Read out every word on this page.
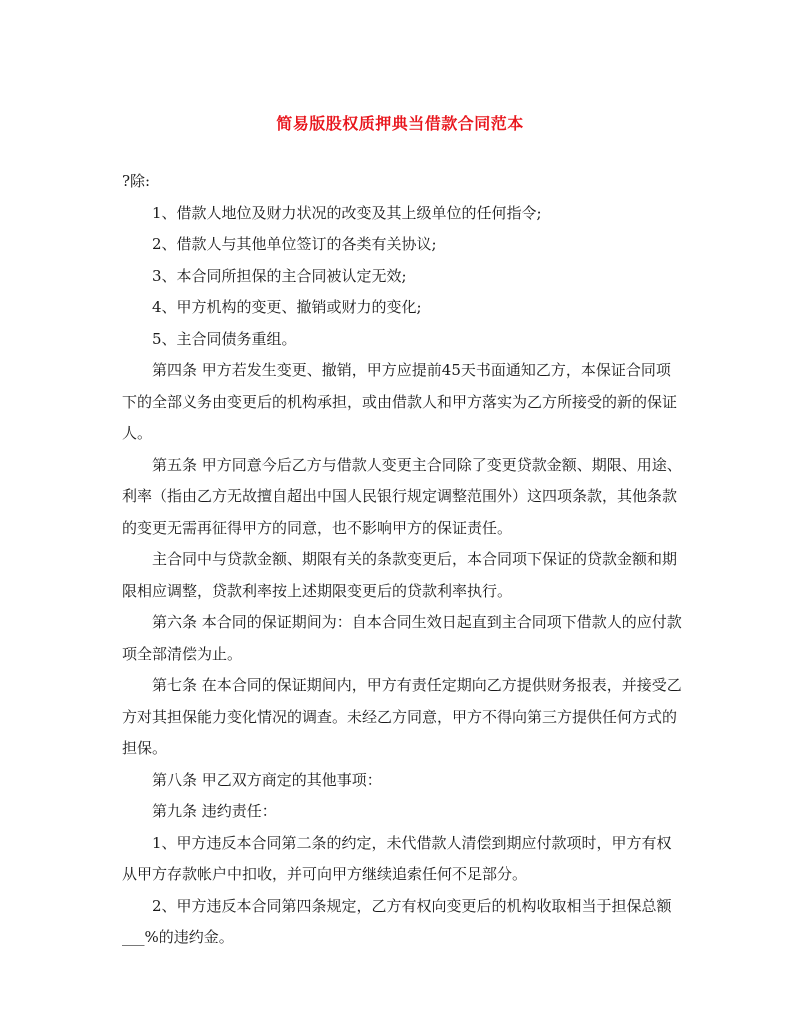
简易版股权质押典当借款合同范本

?除:

1、借款人地位及财力状况的改变及其上级单位的任何指令;

2、借款人与其他单位签订的各类有关协议;

3、本合同所担保的主合同被认定无效;

4、甲方机构的变更、撤销或财力的变化;

5、主合同债务重组。

第四条 甲方若发生变更、撤销，甲方应提前45天书面通知乙方，本保证合同项下的全部义务由变更后的机构承担，或由借款人和甲方落实为乙方所接受的新的保证人。

第五条 甲方同意今后乙方与借款人变更主合同除了变更贷款金额、期限、用途、利率（指由乙方无故擅自超出中国人民银行规定调整范围外）这四项条款，其他条款的变更无需再征得甲方的同意，也不影响甲方的保证责任。

主合同中与贷款金额、期限有关的条款变更后，本合同项下保证的贷款金额和期限相应调整，贷款利率按上述期限变更后的贷款利率执行。

第六条 本合同的保证期间为：自本合同生效日起直到主合同项下借款人的应付款项全部清偿为止。

第七条 在本合同的保证期间内，甲方有责任定期向乙方提供财务报表，并接受乙方对其担保能力变化情况的调查。未经乙方同意，甲方不得向第三方提供任何方式的担保。

第八条 甲乙双方商定的其他事项：

第九条 违约责任：

1、甲方违反本合同第二条的约定，未代借款人清偿到期应付款项时，甲方有权从甲方存款帐户中扣收，并可向甲方继续追索任何不足部分。

2、甲方违反本合同第四条规定，乙方有权向变更后的机构收取相当于担保总额___%的违约金。
